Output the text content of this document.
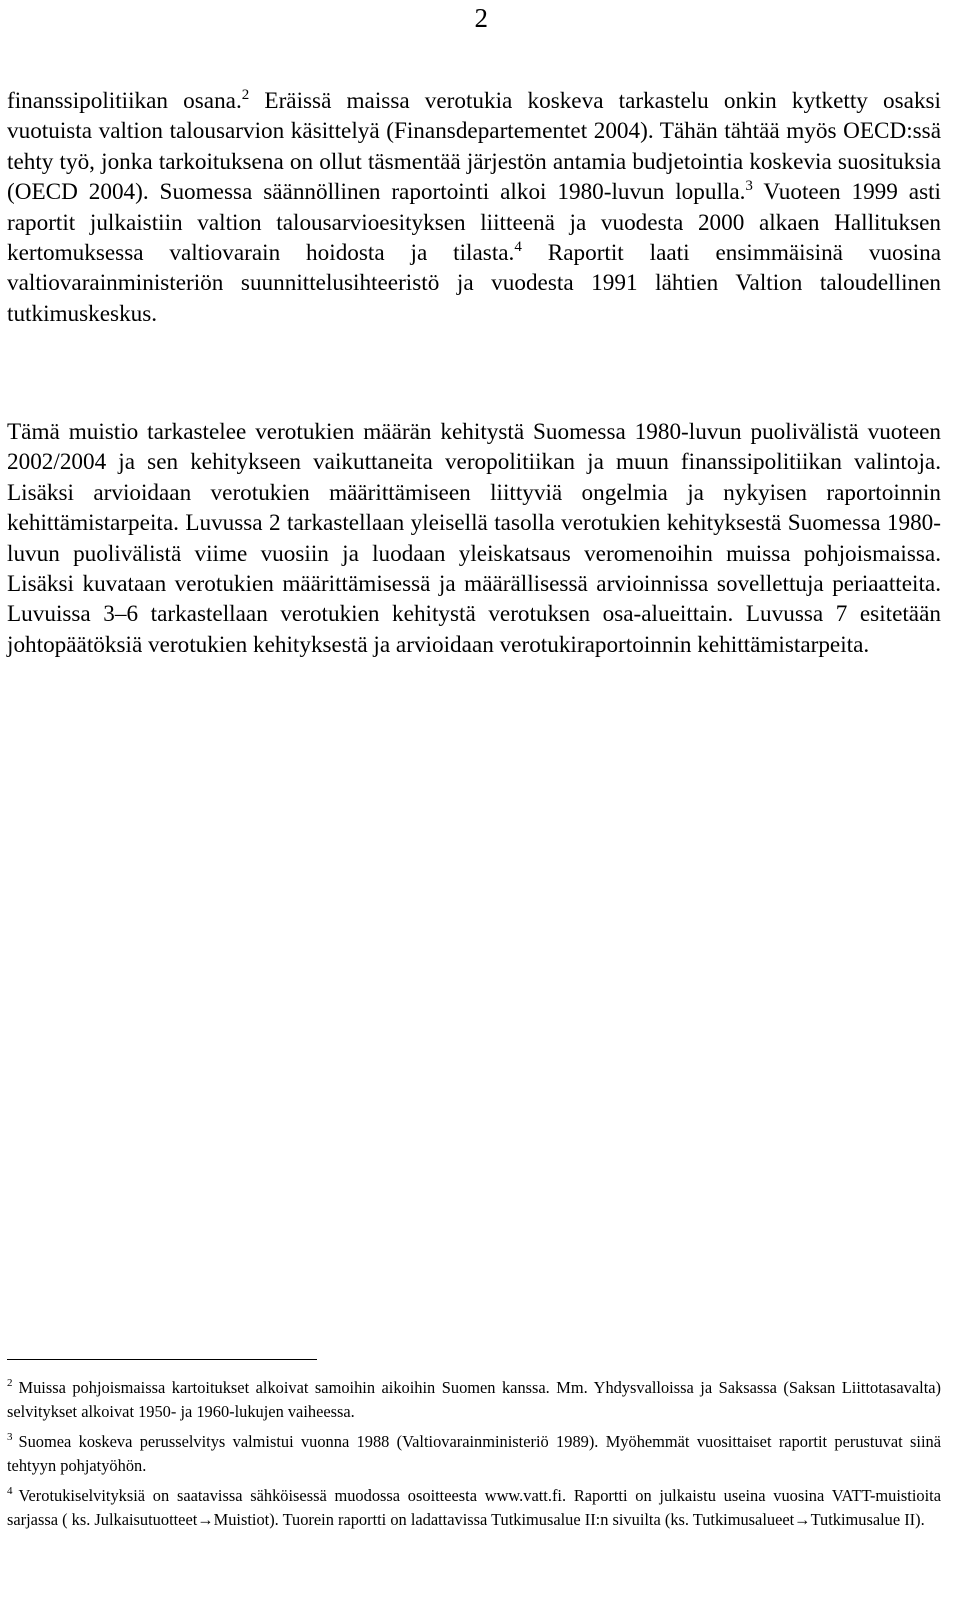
2

finanssipolitiikan osana.$^2$ Eräissä maissa verotukia koskeva tarkastelu onkin kytketty osaksi vuotuista valtion talousarvion käsittelyä (Finansdepartementet 2004). Tähän tähtää myös OECD:ssä tehty työ, jonka tarkoituksena on ollut täsmentää järjestön antamia budjetointia koskevia suosituksia (OECD 2004). Suomessa säännöllinen raportointi alkoi 1980-luvun lopulla.$^3$ Vuoteen 1999 asti raportit julkaistiin valtion talousarvioesityksen liitteenä ja vuodesta 2000 alkaen Hallituksen kertomuksessa valtiovarain hoidosta ja tilasta.$^4$ Raportit laati ensimmäisinä vuosina valtiovarainministeriön suunnittelusihteeristö ja vuodesta 1991 lähtien Valtion taloudellinen tutkimuskeskus.

Tämä muistio tarkastelee verotukien määrän kehitystä Suomessa 1980-luvun puolivälistä vuoteen 2002/2004 ja sen kehitykseen vaikuttaneita veropolitiikan ja muun finanssipolitiikan valintoja. Lisäksi arvioidaan verotukien määrittämiseen liittyviä ongelmia ja nykyisen raportoinnin kehittämistarpeita. Luvussa 2 tarkastellaan yleisellä tasolla verotukien kehityksestä Suomessa 1980-luvun puolivälistä viime vuosiin ja luodaan yleiskatsaus veromenoihin muissa pohjoismaissa. Lisäksi kuvataan verotukien määrittämisessä ja määrällisessä arvioinnissa sovellettuja periaatteita. Luvuissa 3–6 tarkastellaan verotukien kehitystä verotuksen osa-alueittain. Luvussa 7 esitetään johtopäätöksiä verotukien kehityksestä ja arvioidaan verotukiraportoinnin kehittämistarpeita.

$^2$ Muissa pohjoismaissa kartoitukset alkoivat samoihin aikoihin Suomen kanssa. Mm. Yhdysvalloissa ja Saksassa (Saksan Liittotasavalta) selvitykset alkoivat 1950- ja 1960-lukujen vaiheessa.

$^3$ Suomea koskeva perusselvitys valmistui vuonna 1988 (Valtiovarainministeriö 1989). Myöhemmät vuosittaiset raportit perustuvat siinä tehtyyn pohjatyöhön.

$^4$ Verotukiselvityksiä on saatavissa sähköisessä muodossa osoitteesta www.vatt.fi. Raportti on julkaistu useina vuosina VATT-muistioita sarjassa ( ks. Julkaisutuotteet→Muistiot). Tuorein raportti on ladattavissa Tutkimusalue II:n sivuilta (ks. Tutkimusalueet→Tutkimusalue II).
